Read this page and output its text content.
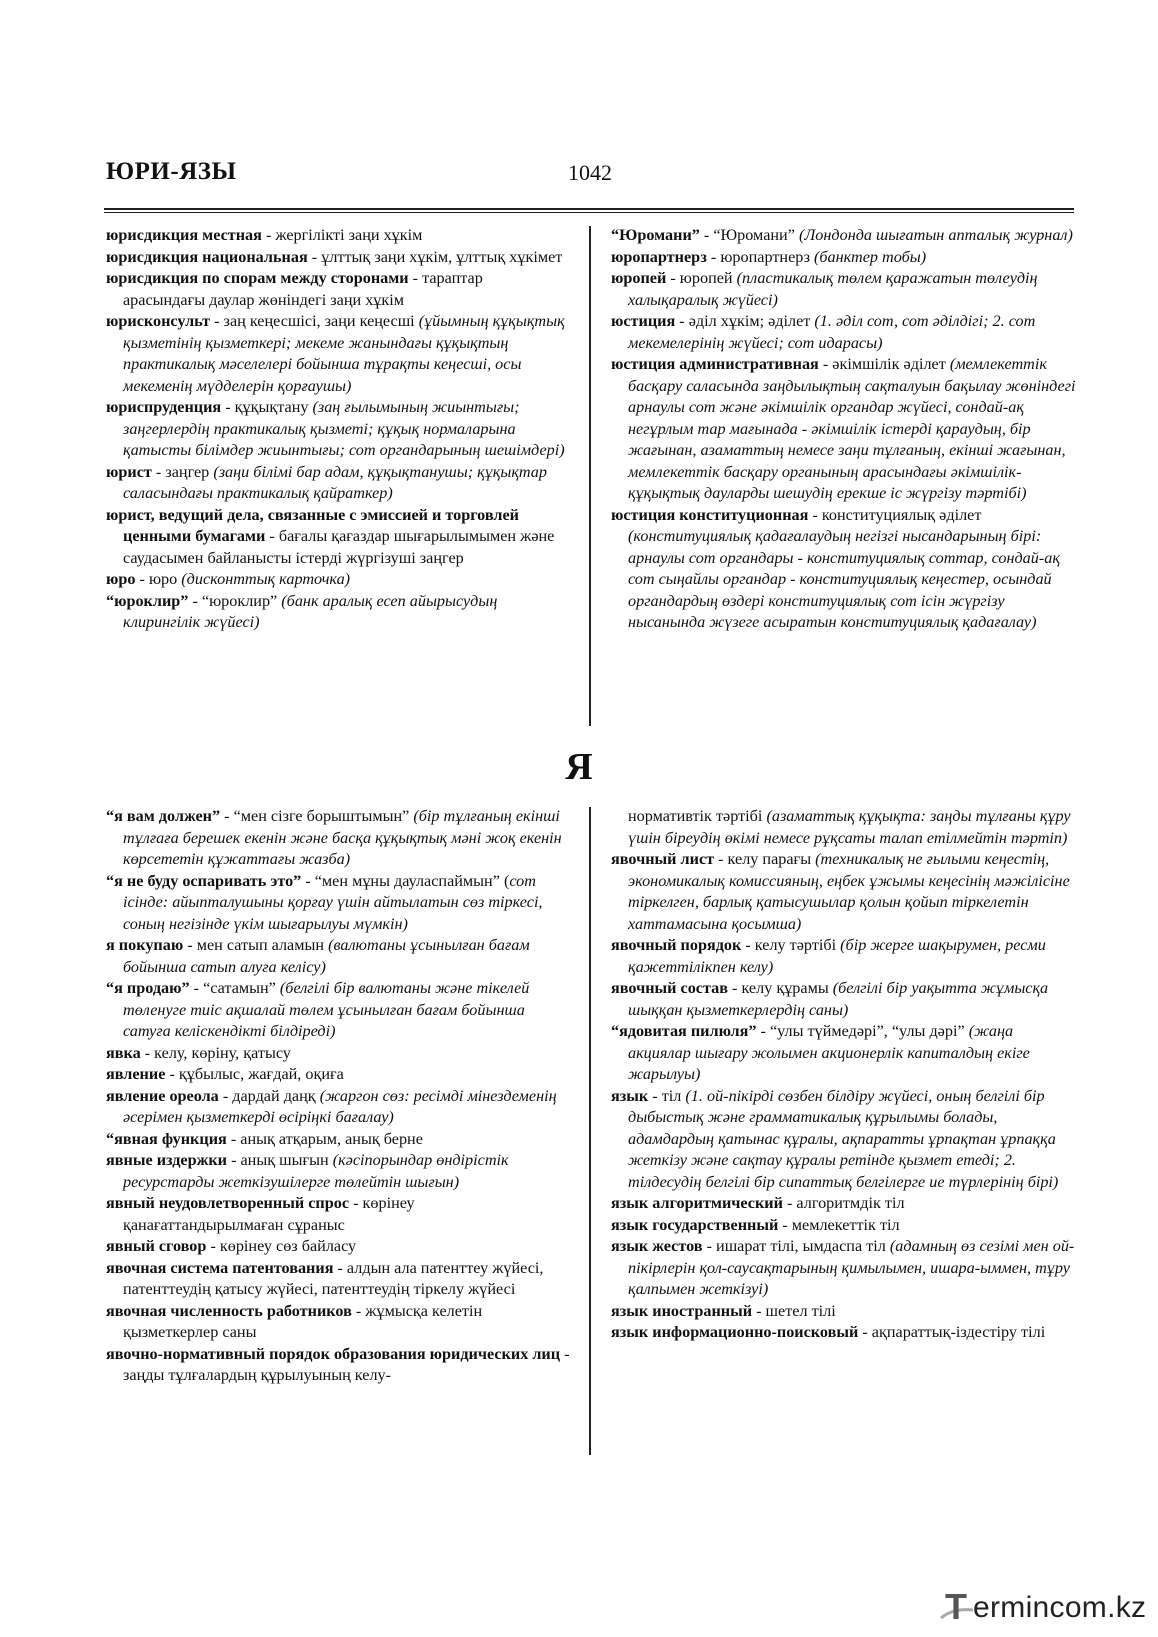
ЮРИ-ЯЗЫ	1042

юрисдикция местная - жергілікті заңи хұкім

юрисдикция национальная - ұлттық заңи хұкім, ұлттық хұкімет

юрисдикция по спорам между сторонами - тараптар арасындағы даулар жөніндегі заңи хұкім

юрисконсульт - заң кеңесшісі, заңи кеңесші (ұйымның құқықтық қызметінің қызметкері; мекеме жанындағы құқықтың практикалық мәселелері бойынша тұрақты кеңесші, осы мекеменің мүдделерін қорғаушы)

юриспруденция - құқықтану (заң ғылымының жиынтығы; заңгерлердің практикалық қызметі; құқық нормаларына қатысты білімдер жиынтығы; сот органдарының шешімдері)

юрист - заңгер (заңи білімі бар адам, құқықтанушы; құқықтар саласындағы практикалық қайраткер)

юрист, ведущий дела, связанные с эмиссией и торговлей ценными бумагами - бағалы қағаздар шығарылымымен және саудасымен байланысты істерді жүргізуші заңгер

юро - юро (дисконттық карточка)

“юроклир” - “юроклир” (банк аралық есеп айырысудың клирингілік жүйесі)

“Юромани” - “Юромани” (Лондонда шығатын апталық журнал)

юропартнерз - юропартнерз (банктер тобы)

юропей - юропей (пластикалық төлем қаражатын төлеудің халықаралық жүйесі)

юстиция - әділ хұкім; әділет (1. әділ сот, сот әділдігі; 2. сот мекемелерінің жүйесі; сот идарасы)

юстиция административная - әкімшілік әділет (мемлекеттік басқару саласында заңдылықтың сақталуын бақылау жөніндегі арнаулы сот және әкімшілік органдар жүйесі, сондай-ақ негұрлым тар мағынада - әкімшілік істерді қараудың, бір жағынан, азаматтың немесе заңи тұлғаның, екінші жағынан, мемлекеттік басқару органының арасындағы әкімшілік-құқықтық дауларды шешудің ерекше іс жүргізу тәртібі)

юстиция конституционная - конституциялық әділет (конституциялық қадағалаудың негізгі нысандарының бірі: арнаулы сот органдары - конституциялық соттар, сондай-ақ сот сыңайлы органдар - конституциялық кеңестер, осындай органдардың өздері конституциялық сот ісін жүргізу нысанында жүзеге асыратын конституциялық қадағалау)

Я

“я вам должен” - “мен сізге борыштымын” (бір тұлғаның екінші тұлғаға берешек екенін және басқа құқықтық мәні жоқ екенін көрсететін құжаттағы жазба)

“я не буду оспаривать это” - “мен мұны дауласпаймын” (сот ісінде: айыпталушыны қорғау үшін айтылатын сөз тіркесі, соның негізінде үкім шығарылуы мүмкін)

я покупаю - мен сатып аламын (валютаны ұсынылған бағам бойынша сатып алуға келісу)

“я продаю” - “сатамын” (белгілі бір валютаны және тікелей төленуге тиіс ақшалай төлем ұсынылған бағам бойынша сатуға келіскендікті білдіреді)

явка - келу, көріну, қатысу

явление - құбылыс, жағдай, оқиға

явление ореола - дардай даңқ (жаргон сөз: ресімді мінездеменің әсерімен қызметкерді өсіріңкі бағалау)

“явная функция - анық атқарым, анық берне

явные издержки - анық шығын (кәсіпорындар өндірістік ресурстарды жеткізушілерге төлейтін шығын)

явный неудовлетворенный спрос - көрінеу қанағаттандырылмаған сұраныс

явный сговор - көрінеу сөз байласу

явочная система патентования - алдын ала патенттеу жүйесі, патенттеудің қатысу жүйесі, патенттеудің тіркелу жүйесі

явочная численность работников - жұмысқа келетін қызметкерлер саны

явочно-нормативный порядок образования юридических лиц - заңды тұлғалардың құрылуының келу-

нормативтік тәртібі (азаматтық құқықта: заңды тұлғаны құру үшін біреудің өкімі немесе рұқсаты талап етілмейтін тәртіп)

явочный лист - келу парағы (техникалық не ғылыми кеңестің, экономикалық комиссияның, еңбек ұжымы кеңесінің мәжілісіне тіркелген, барлық қатысушылар қолын қойып тіркелетін хаттамасына қосымша)

явочный порядок - келу тәртібі (бір жерге шақырумен, ресми қажеттілікпен келу)

явочный состав - келу құрамы (белгілі бір уақытта жұмысқа шыққан қызметкерлердің саны)

“ядовитая пилюля” - “улы түймедәрі”, “улы дәрі” (жаңа акциялар шығару жолымен акционерлік капиталдың екіге жарылуы)

язык - тіл (1. ой-пікірді сөзбен білдіру жүйесі, оның белгілі бір дыбыстық және грамматикалық құрылымы болады, адамдардың қатынас құралы, ақпаратты ұрпақтан ұрпаққа жеткізу және сақтау құралы ретінде қызмет етеді; 2. тілдесудің белгілі бір сипаттық белгілерге ие түрлерінің бірі)

язык алгоритмический - алгоритмдік тіл

язык государственный - мемлекеттік тіл

язык жестов - ишарат тілі, ымдаспа тіл (адамның өз сезімі мен ой-пікірлерін қол-саусақтарының қимылымен, ишара-ыммен, тұру қалпымен жеткізуі)

язык иностранный - шетел тілі

язык информационно-поисковый - ақпараттық-іздестіру тілі

T ermincom.kz
